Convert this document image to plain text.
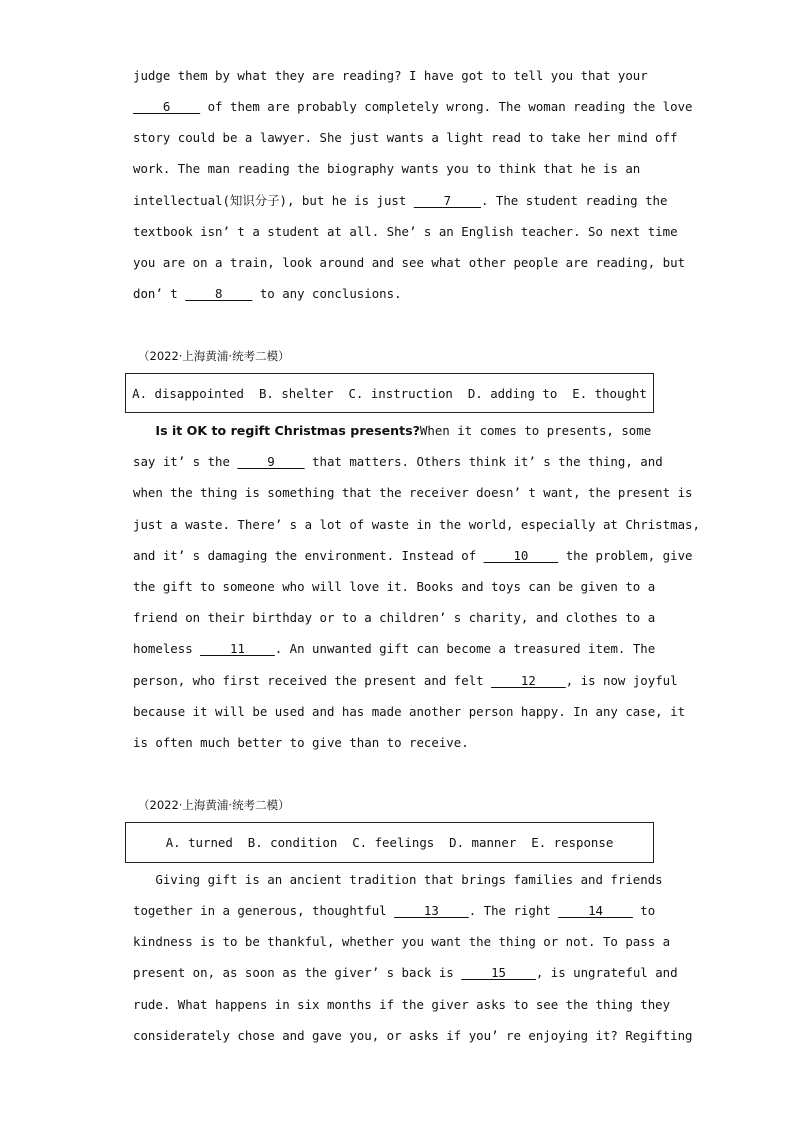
judge them by what they are reading? I have got to tell you that your
____6____ of them are probably completely wrong. The woman reading the love
story could be a lawyer. She just wants a light read to take her mind off
work. The man reading the biography wants you to think that he is an
intellectual(知识分子), but he is just ____7____. The student reading the
textbook isn’ t a student at all. She’ s an English teacher. So next time
you are on a train, look around and see what other people are reading, but
don’ t ____8____ to any conclusions.
（2022·上海黄浦·统考二模）
A. disappointed  B. shelter  C. instruction  D. adding to  E. thought
Is it OK to regift Christmas presents?When it comes to presents, some
say it’ s the ____9____ that matters. Others think it’ s the thing, and
when the thing is something that the receiver doesn’ t want, the present is
just a waste. There’ s a lot of waste in the world, especially at Christmas,
and it’ s damaging the environment. Instead of ____10____ the problem, give
the gift to someone who will love it. Books and toys can be given to a
friend on their birthday or to a children’ s charity, and clothes to a
homeless ____11____. An unwanted gift can become a treasured item. The
person, who first received the present and felt ____12____, is now joyful
because it will be used and has made another person happy. In any case, it
is often much better to give than to receive.
（2022·上海黄浦·统考二模）
A. turned  B. condition  C. feelings  D. manner  E. response
Giving gift is an ancient tradition that brings families and friends
together in a generous, thoughtful ____13____. The right ____14____ to
kindness is to be thankful, whether you want the thing or not. To pass a
present on, as soon as the giver’ s back is ____15____, is ungrateful and
rude. What happens in six months if the giver asks to see the thing they
considerately chose and gave you, or asks if you’ re enjoying it? Regifting
